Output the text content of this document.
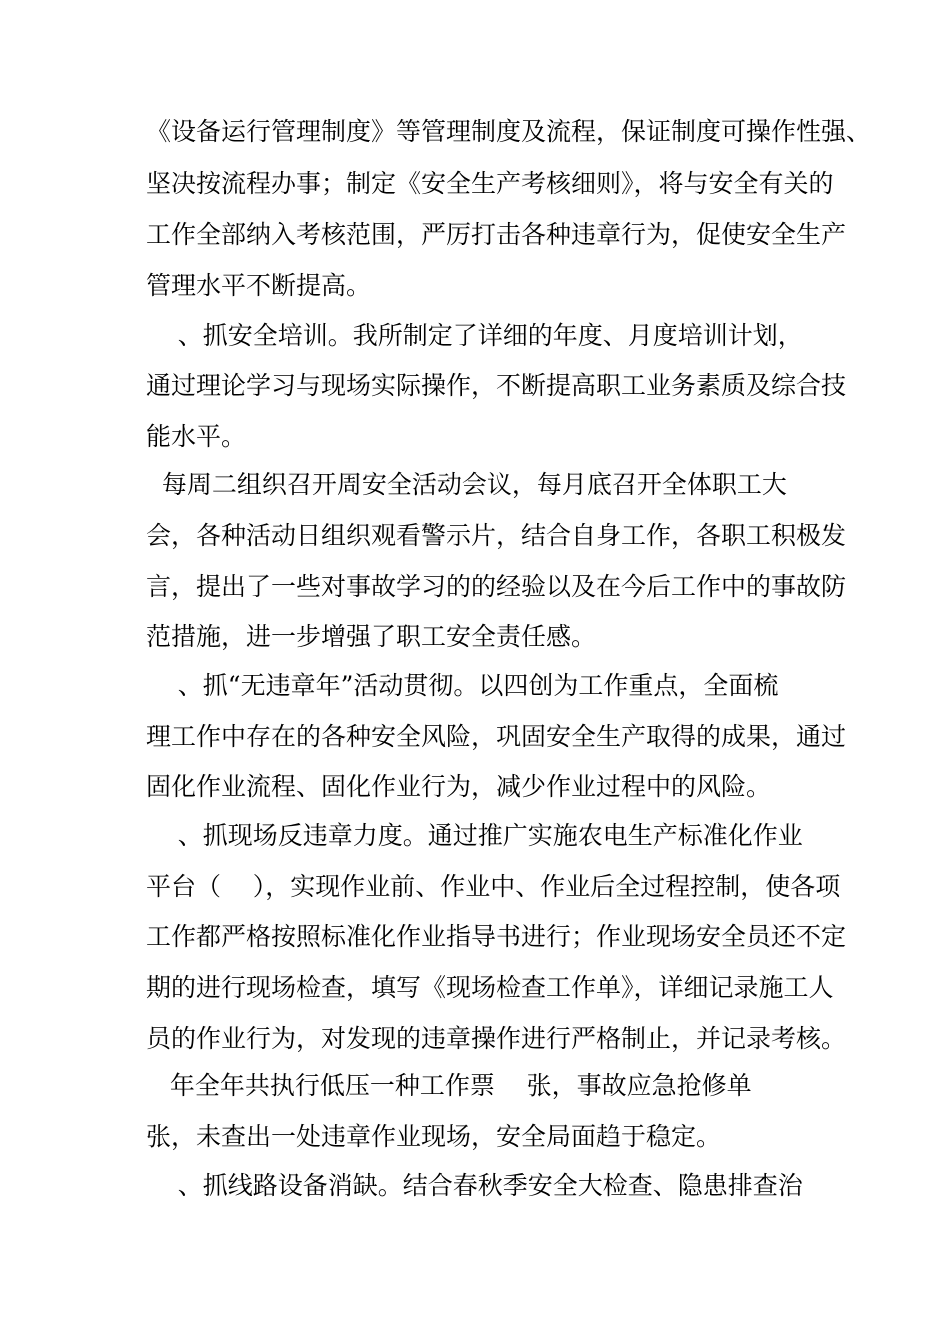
《设备运行管理制度》等管理制度及流程，保证制度可操作性强、
坚决按流程办事；制定《安全生产考核细则》，将与安全有关的
工作全部纳入考核范围，严厉打击各种违章行为，促使安全生产
管理水平不断提高。
、抓安全培训。我所制定了详细的年度、月度培训计划，
通过理论学习与现场实际操作，不断提高职工业务素质及综合技
能水平。
每周二组织召开周安全活动会议，每月底召开全体职工大
会，各种活动日组织观看警示片，结合自身工作，各职工积极发
言，提出了一些对事故学习的的经验以及在今后工作中的事故防
范措施，进一步增强了职工安全责任感。
、抓“无违章年”活动贯彻。以四创为工作重点，全面梳
理工作中存在的各种安全风险，巩固安全生产取得的成果，通过
固化作业流程、固化作业行为，减少作业过程中的风险。
、抓现场反违章力度。通过推广实施农电生产标准化作业
平台（    ），实现作业前、作业中、作业后全过程控制，使各项
工作都严格按照标准化作业指导书进行；作业现场安全员还不定
期的进行现场检查，填写《现场检查工作单》，详细记录施工人
员的作业行为，对发现的违章操作进行严格制止，并记录考核。
年全年共执行低压一种工作票    张，事故应急抢修单
张，未查出一处违章作业现场，安全局面趋于稳定。
、抓线路设备消缺。结合春秋季安全大检查、隐患排查治
